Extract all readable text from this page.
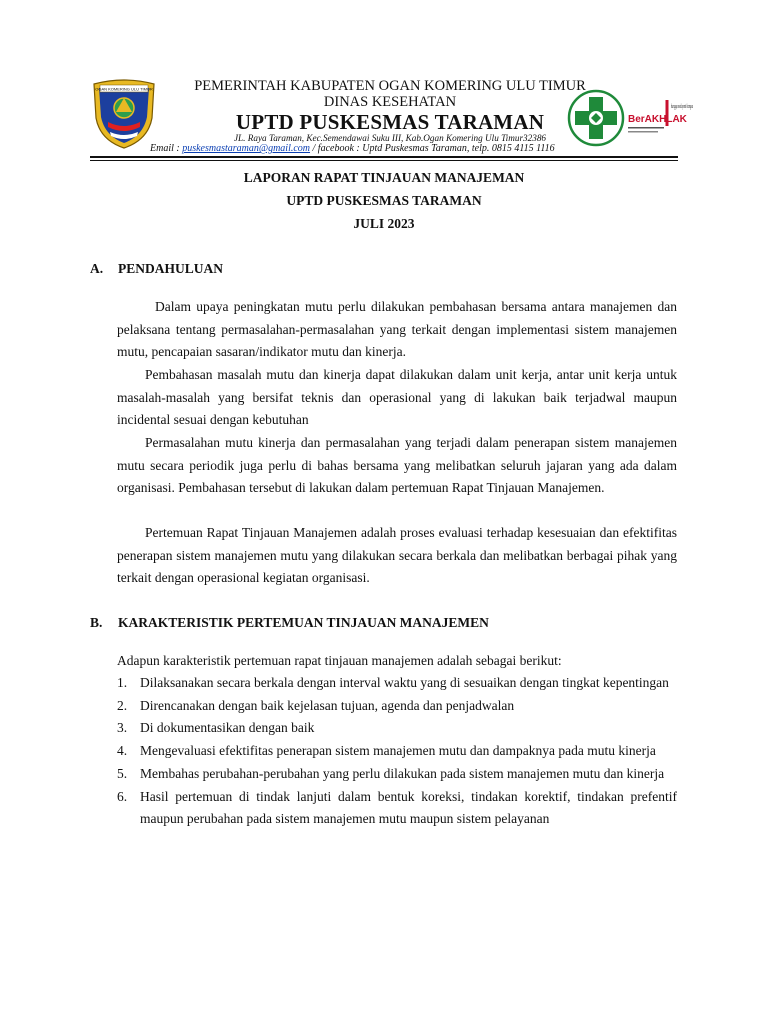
OGAN KOMERING ULU TIMUR	PEMERINTAH KABUPATEN OGAN KOMERING ULU TIMUR
DINAS KESEHATAN
UPTD PUSKESMAS TARAMAN
JL. Raya Taraman, Kec.Semendawai Suku III, Kab.Ogan Komering Ulu Timur32386
Email : puskesmastaraman@gmail.com / facebook : Uptd Puskesmas Taraman, telp. 0815 4115 1116
BerAKHLAK
bangga melayani bangsa
LAPORAN RAPAT TINJAUAN MANAJEMAN
UPTD PUSKESMAS TARAMAN
JULI 2023
A. PENDAHULUAN

Dalam upaya peningkatan mutu perlu dilakukan pembahasan bersama antara manajemen dan pelaksana tentang permasalahan-permasalahan yang terkait dengan implementasi sistem manajemen mutu, pencapaian sasaran/indikator mutu dan kinerja.

Pembahasan masalah mutu dan kinerja dapat dilakukan dalam unit kerja, antar unit kerja untuk masalah-masalah yang bersifat teknis dan operasional yang di lakukan baik terjadwal maupun incidental sesuai dengan kebutuhan

Permasalahan mutu kinerja dan permasalahan yang terjadi dalam penerapan sistem manajemen mutu secara periodik juga perlu di bahas bersama yang melibatkan seluruh jajaran yang ada dalam organisasi. Pembahasan tersebut di lakukan dalam pertemuan Rapat Tinjauan Manajemen.

Pertemuan Rapat Tinjauan Manajemen adalah proses evaluasi terhadap kesesuaian dan efektifitas penerapan sistem manajemen mutu yang dilakukan secara berkala dan melibatkan berbagai pihak yang terkait dengan operasional kegiatan organisasi.

B. KARAKTERISTIK PERTEMUAN TINJAUAN MANAJEMEN

Adapun karakteristik pertemuan rapat tinjauan manajemen adalah sebagai berikut:

1. Dilaksanakan secara berkala dengan interval waktu yang di sesuaikan dengan tingkat kepentingan
2. Direncanakan dengan baik kejelasan tujuan, agenda dan penjadwalan
3. Di dokumentasikan dengan baik
4. Mengevaluasi efektifitas penerapan sistem manajemen mutu dan dampaknya pada mutu kinerja
5. Membahas perubahan-perubahan yang perlu dilakukan pada sistem manajemen mutu dan kinerja
6. Hasil pertemuan di tindak lanjuti dalam bentuk koreksi, tindakan korektif, tindakan prefentif maupun perubahan pada sistem manajemen mutu maupun sistem pelayanan
